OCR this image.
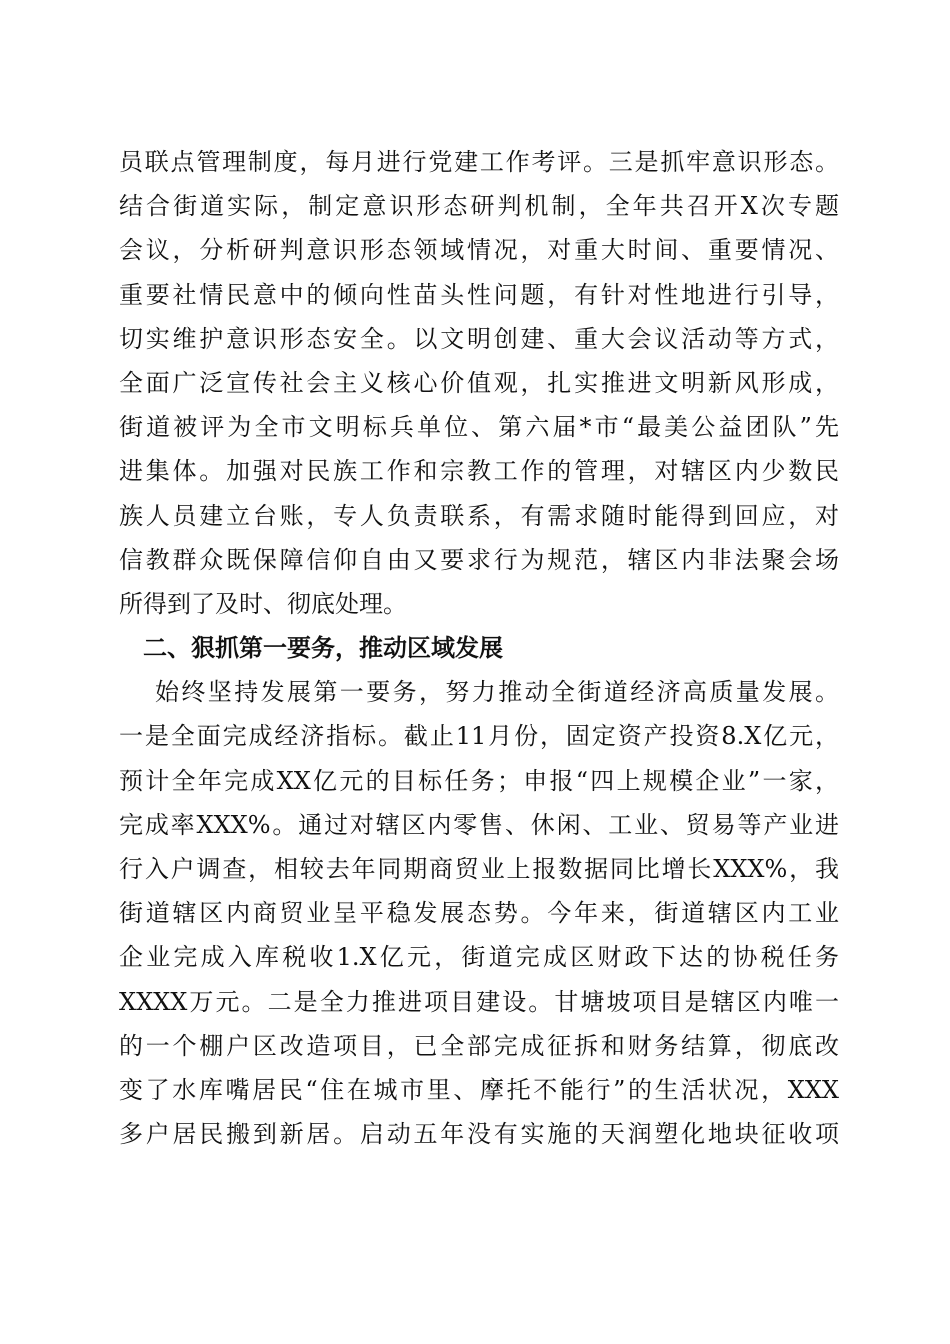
员联点管理制度，每月进行党建工作考评。三是抓牢意识形态。
结合街道实际，制定意识形态研判机制，全年共召开X次专题
会议，分析研判意识形态领域情况，对重大时间、重要情况、
重要社情民意中的倾向性苗头性问题，有针对性地进行引导，
切实维护意识形态安全。以文明创建、重大会议活动等方式，
全面广泛宣传社会主义核心价值观，扎实推进文明新风形成，
街道被评为全市文明标兵单位、第六届*市“最美公益团队”先
进集体。加强对民族工作和宗教工作的管理，对辖区内少数民
族人员建立台账，专人负责联系，有需求随时能得到回应，对
信教群众既保障信仰自由又要求行为规范，辖区内非法聚会场
所得到了及时、彻底处理。
二、狠抓第一要务，推动区域发展
始终坚持发展第一要务，努力推动全街道经济高质量发展。
一是全面完成经济指标。截止11月份，固定资产投资8.X亿元，
预计全年完成XX亿元的目标任务；申报“四上规模企业”一家，
完成率XXX%。通过对辖区内零售、休闲、工业、贸易等产业进
行入户调查，相较去年同期商贸业上报数据同比增长XXX%，我
街道辖区内商贸业呈平稳发展态势。今年来，街道辖区内工业
企业完成入库税收1.X亿元，街道完成区财政下达的协税任务
XXXX万元。二是全力推进项目建设。甘塘坡项目是辖区内唯一
的一个棚户区改造项目，已全部完成征拆和财务结算，彻底改
变了水库嘴居民“住在城市里、摩托不能行”的生活状况，XXX
多户居民搬到新居。启动五年没有实施的天润塑化地块征收项
